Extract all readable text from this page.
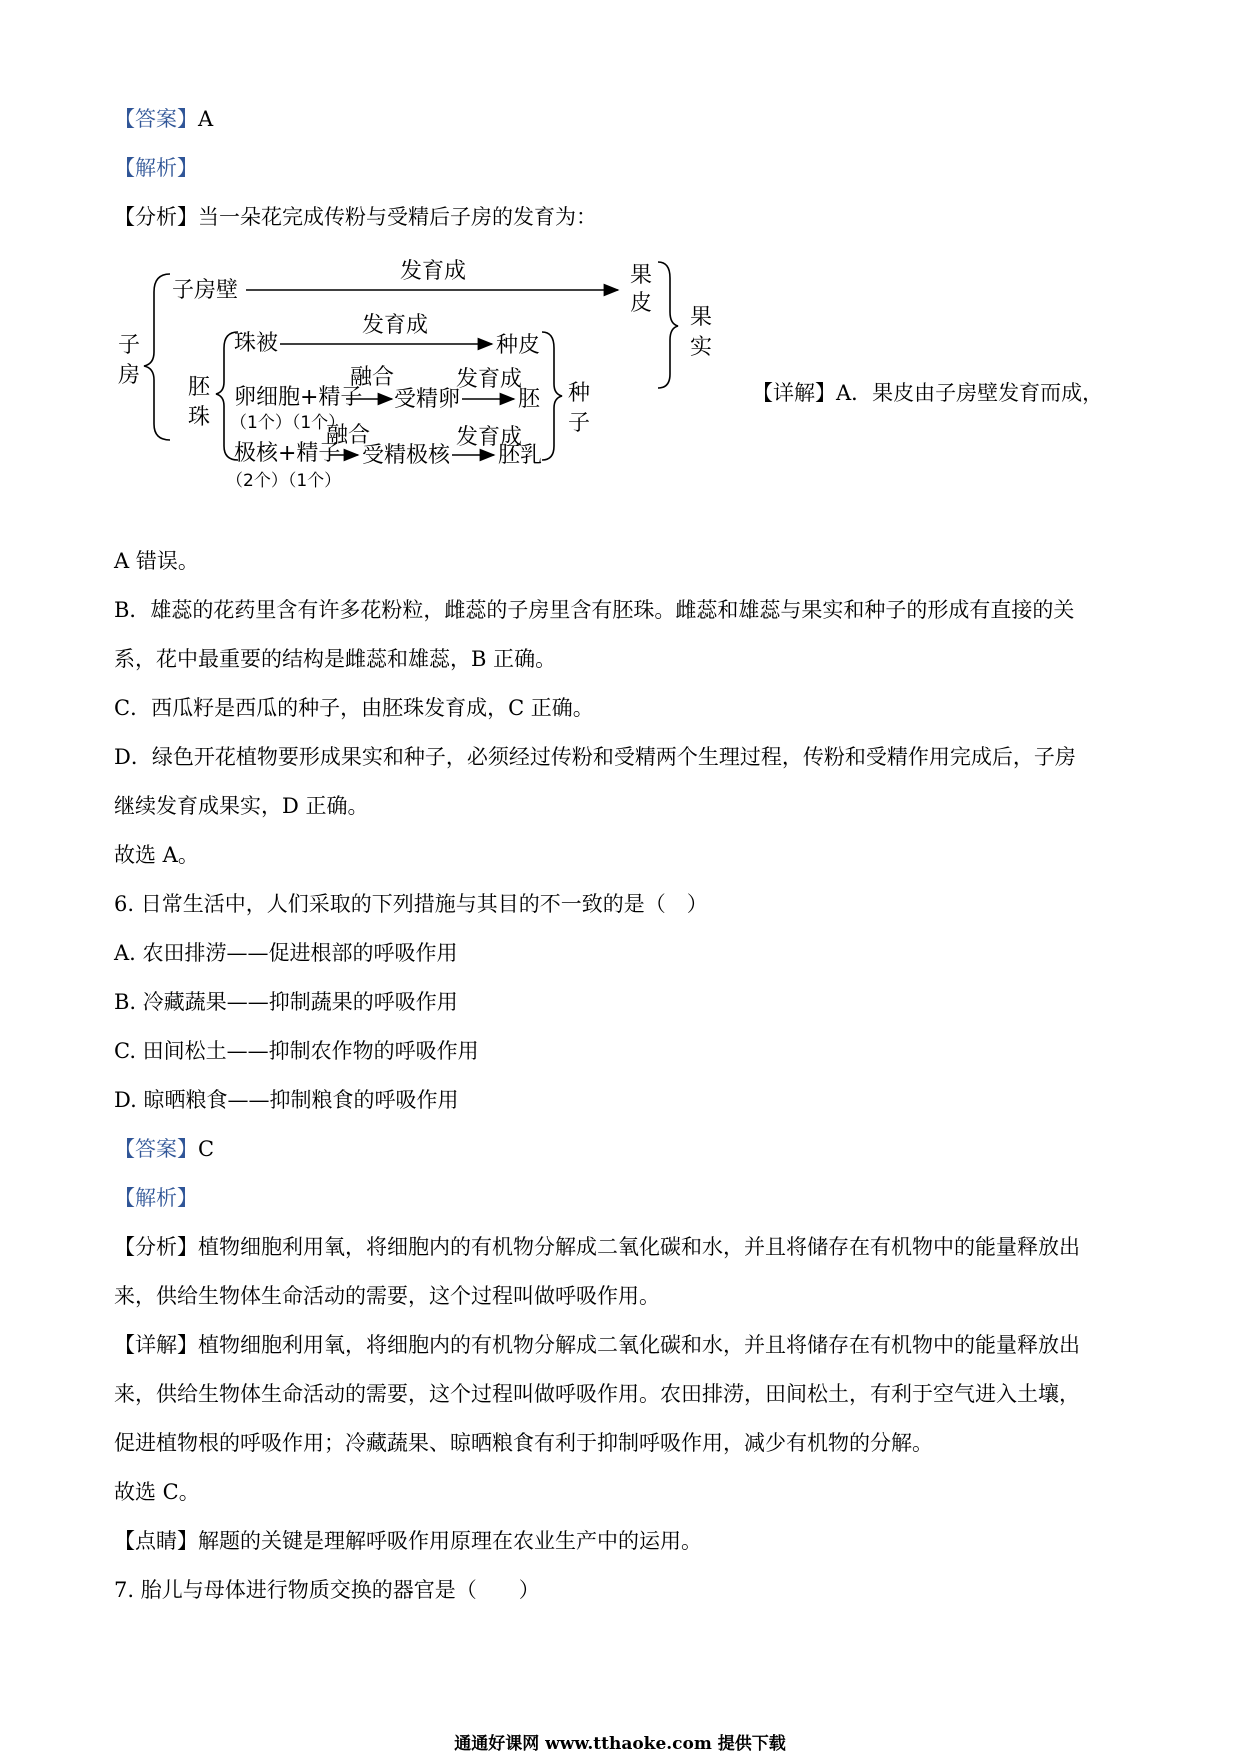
【答案】A
【解析】
【分析】当一朵花完成传粉与受精后子房的发育为：
子
房
子房壁
发育成	果
皮
胚
珠
珠被
发育成
种皮
卵细胞+精子
（1个）（1个）
融合
受精卵
发育成
胚
极核+精子
（2个）（1个）
融合
受精极核
发育成
胚乳
种
子
果
实
【详解】A．果皮由子房壁发育而成，
A 错误。
B．雄蕊的花药里含有许多花粉粒，雌蕊的子房里含有胚珠。雌蕊和雄蕊与果实和种子的形成有直接的关
系，花中最重要的结构是雌蕊和雄蕊，B 正确。
C．西瓜籽是西瓜的种子，由胚珠发育成，C 正确。
D．绿色开花植物要形成果实和种子，必须经过传粉和受精两个生理过程，传粉和受精作用完成后，子房
继续发育成果实，D 正确。
故选 A。
6. 日常生活中，人们采取的下列措施与其目的不一致的是（　）
A. 农田排涝——促进根部的呼吸作用
B. 冷藏蔬果——抑制蔬果的呼吸作用
C. 田间松土——抑制农作物的呼吸作用
D. 晾晒粮食——抑制粮食的呼吸作用
【答案】C
【解析】
【分析】植物细胞利用氧，将细胞内的有机物分解成二氧化碳和水，并且将储存在有机物中的能量释放出
来，供给生物体生命活动的需要，这个过程叫做呼吸作用。
【详解】植物细胞利用氧，将细胞内的有机物分解成二氧化碳和水，并且将储存在有机物中的能量释放出
来，供给生物体生命活动的需要，这个过程叫做呼吸作用。农田排涝，田间松土，有利于空气进入土壤，
促进植物根的呼吸作用；冷藏蔬果、晾晒粮食有利于抑制呼吸作用，减少有机物的分解。
故选 C。
【点睛】解题的关键是理解呼吸作用原理在农业生产中的运用。
7. 胎儿与母体进行物质交换的器官是（　　）
通通好课网 www.tthaoke.com 提供下载
